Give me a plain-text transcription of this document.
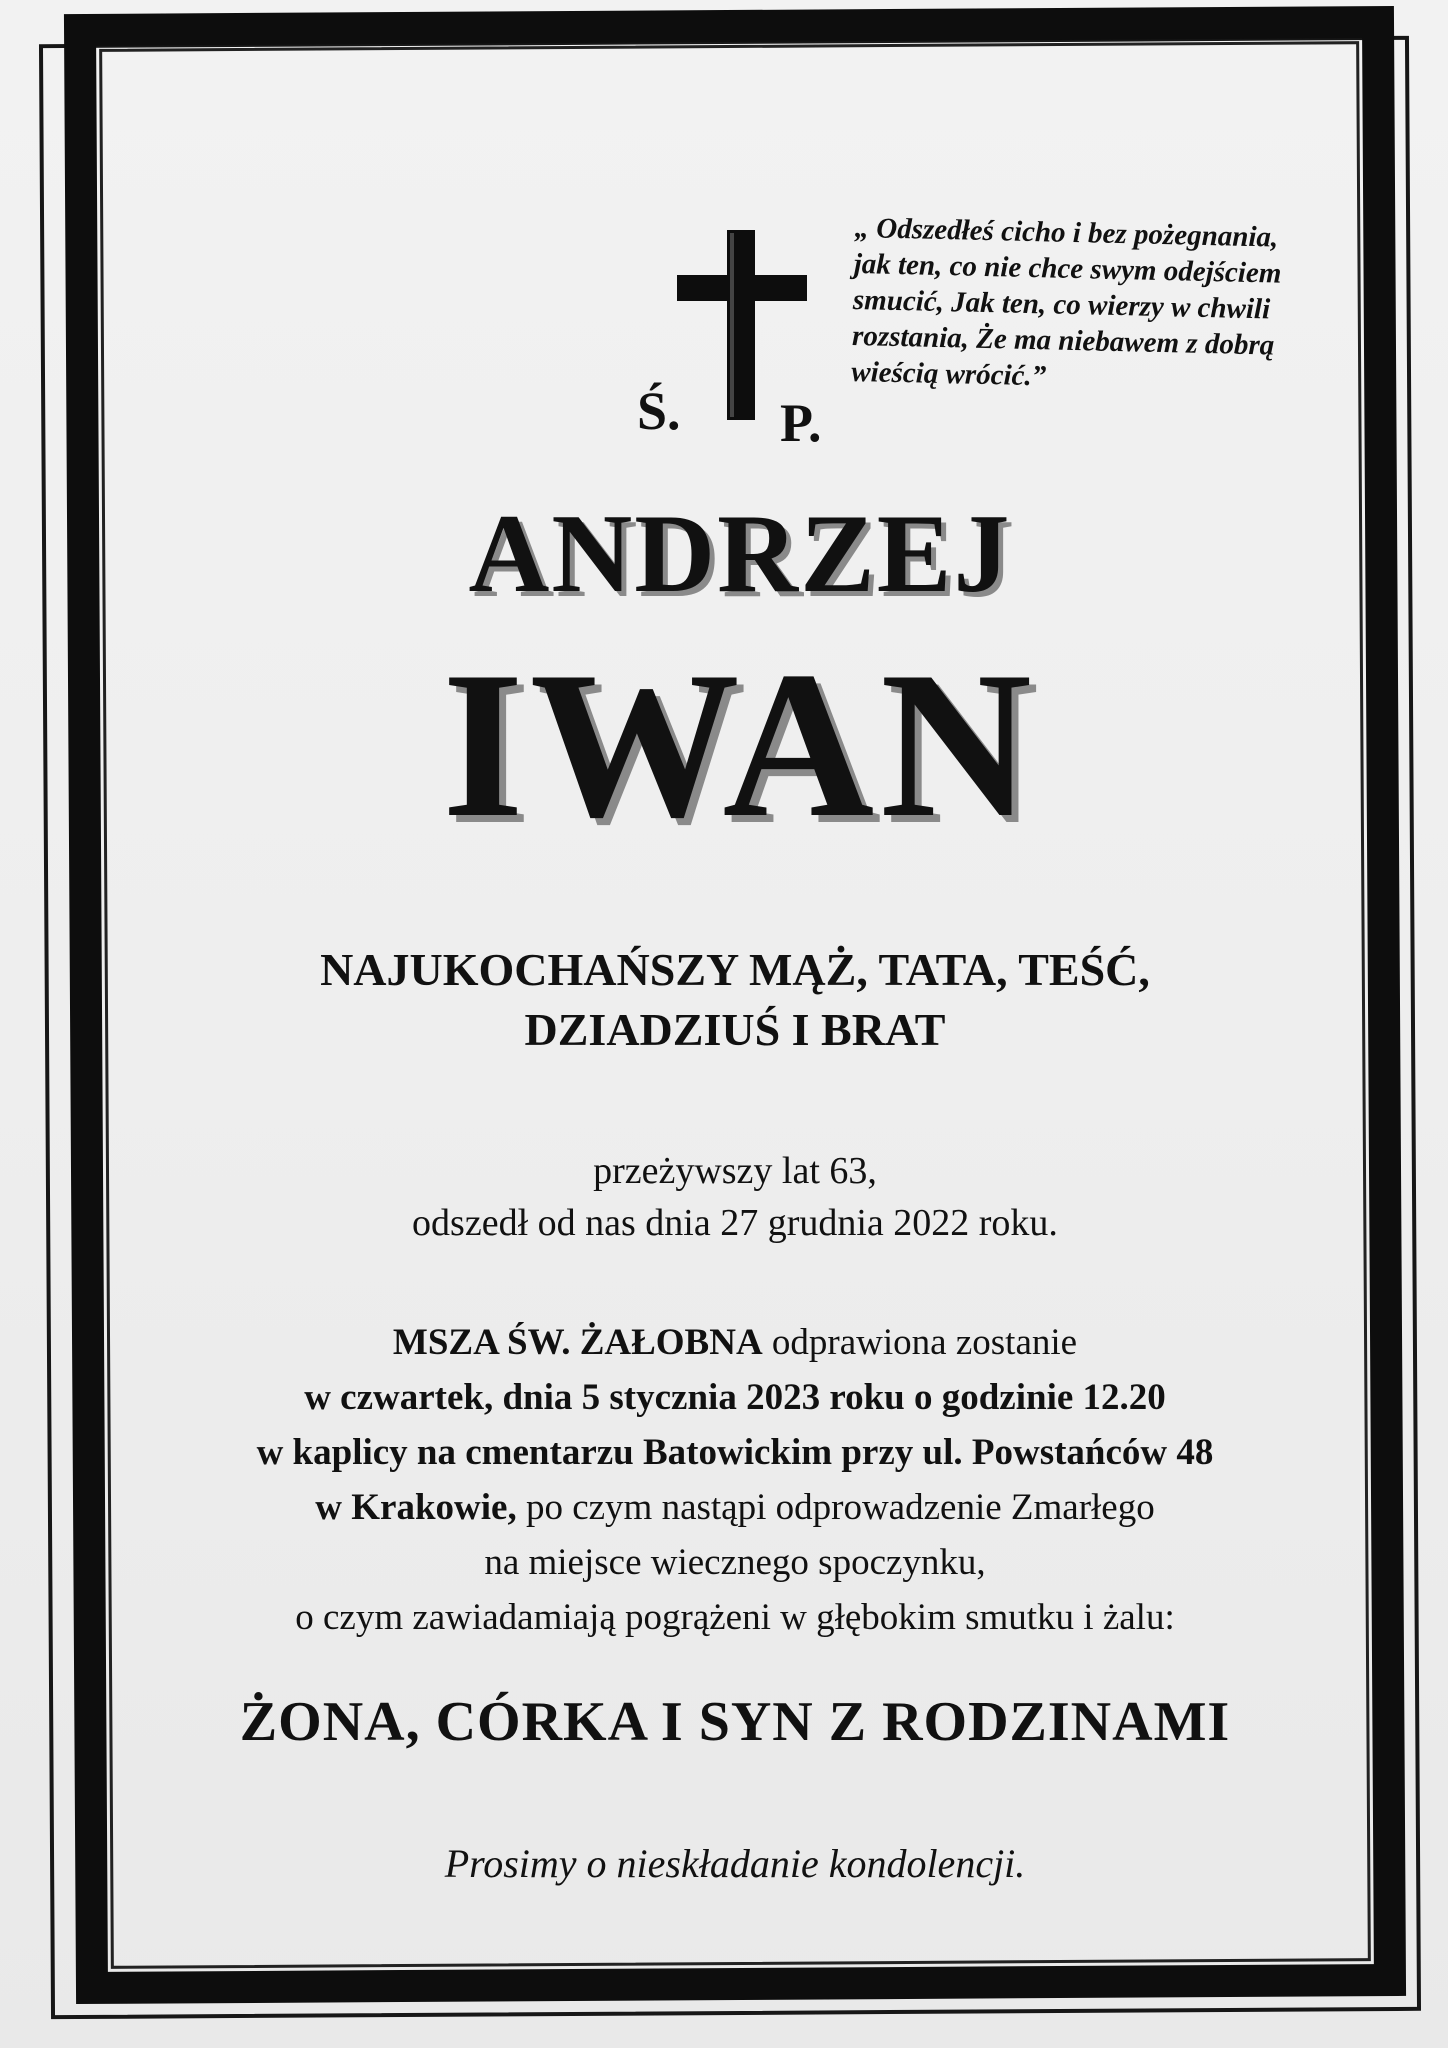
Ś. P.
„ Odszedłeś cicho i bez pożegnania,
jak ten, co nie chce swym odejściem
smucić, Jak ten, co wierzy w chwili
rozstania, Że ma niebawem z dobrą
wieścią wrócić.”
ANDRZEJ
IWAN
NAJUKOCHAŃSZY MĄŻ, TATA, TEŚĆ,
DZIADZIUŚ I BRAT
przeżywszy lat 63,
odszedł od nas dnia 27 grudnia 2022 roku.
MSZA ŚW. ŻAŁOBNA odprawiona zostanie
w czwartek, dnia 5 stycznia 2023 roku o godzinie 12.20
w kaplicy na cmentarzu Batowickim przy ul. Powstańców 48
w Krakowie, po czym nastąpi odprowadzenie Zmarłego
na miejsce wiecznego spoczynku,
o czym zawiadamiają pogrążeni w głębokim smutku i żalu:
ŻONA, CÓRKA I SYN Z RODZINAMI
Prosimy o nieskładanie kondolencji.
